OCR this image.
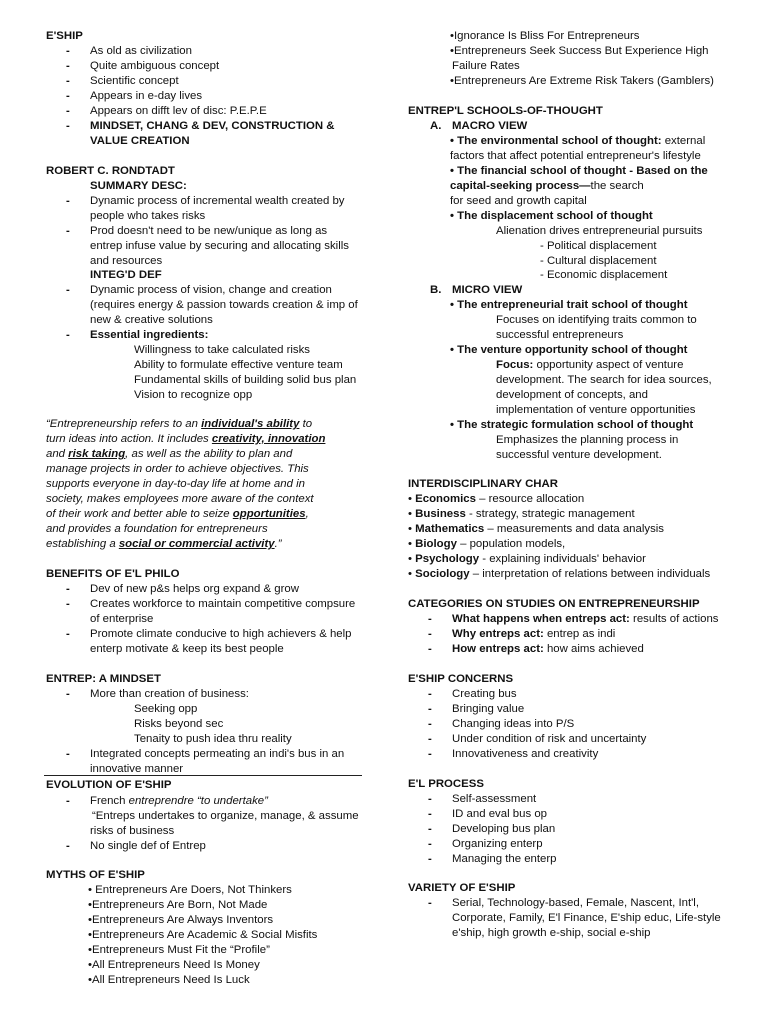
E'SHIP
- As old as civilization
- Quite ambiguous concept
- Scientific concept
- Appears in e-day lives
- Appears on difft lev of disc: P.E.P.E
- MINDSET, CHANG & DEV, CONSTRUCTION &
VALUE CREATION
ROBERT C. RONDTADT
SUMMARY DESC:
- Dynamic process of incremental wealth created by
people who takes risks
- Prod doesn't need to be new/unique as long as
entrep infuse value by securing and allocating skills
and resources
INTEG'D DEF
- Dynamic process of vision, change and creation
(requires energy & passion towards creation & imp of
new & creative solutions
- Essential ingredients:
Willingness to take calculated risks
Ability to formulate effective venture team
Fundamental skills of building solid bus plan
Vision to recognize opp
“Entrepreneurship refers to an individual's ability to
turn ideas into action. It includes creativity, innovation
and risk taking, as well as the ability to plan and
manage projects in order to achieve objectives. This
supports everyone in day-to-day life at home and in
society, makes employees more aware of the context
of their work and better able to seize opportunities,
and provides a foundation for entrepreneurs
establishing a social or commercial activity.”
BENEFITS OF E'L PHILO
- Dev of new p&s helps org expand & grow
- Creates workforce to maintain competitive compsure
of enterprise
- Promote climate conducive to high achievers & help
enterp motivate & keep its best people
ENTREP: A MINDSET
- More than creation of business:
Seeking opp
Risks beyond sec
Tenaity to push idea thru reality
- Integrated concepts permeating an indi's bus in an
innovative manner
EVOLUTION OF E'SHIP
- French entreprendre “to undertake”
“Entreps undertakes to organize, manage, & assume
risks of business
- No single def of Entrep
MYTHS OF E'SHIP
• Entrepreneurs Are Doers, Not Thinkers
•Entrepreneurs Are Born, Not Made
•Entrepreneurs Are Always Inventors
•Entrepreneurs Are Academic & Social Misfits
•Entrepreneurs Must Fit the “Profile”
•All Entrepreneurs Need Is Money
•All Entrepreneurs Need Is Luck
•Ignorance Is Bliss For Entrepreneurs
•Entrepreneurs Seek Success But Experience High
Failure Rates
•Entrepreneurs Are Extreme Risk Takers (Gamblers)
ENTREP'L SCHOOLS-OF-THOUGHT
A. MACRO VIEW
• The environmental school of thought: external
factors that affect potential entrepreneur's lifestyle
• The financial school of thought - Based on the
capital-seeking process—the search
for seed and growth capital
• The displacement school of thought
Alienation drives entrepreneurial pursuits
- Political displacement
- Cultural displacement
- Economic displacement
B. MICRO VIEW
• The entrepreneurial trait school of thought
Focuses on identifying traits common to
successful entrepreneurs
• The venture opportunity school of thought
Focus: opportunity aspect of venture
development. The search for idea sources,
development of concepts, and
implementation of venture opportunities
• The strategic formulation school of thought
Emphasizes the planning process in
successful venture development.
INTERDISCIPLINARY CHAR
• Economics – resource allocation
• Business - strategy, strategic management
• Mathematics – measurements and data analysis
• Biology – population models,
• Psychology - explaining individuals' behavior
• Sociology – interpretation of relations between individuals
CATEGORIES ON STUDIES ON ENTREPRENEURSHIP
- What happens when entreps act: results of actions
- Why entreps act: entrep as indi
- How entreps act: how aims achieved
E'SHIP CONCERNS
- Creating bus
- Bringing value
- Changing ideas into P/S
- Under condition of risk and uncertainty
- Innovativeness and creativity
E'L PROCESS
- Self-assessment
- ID and eval bus op
- Developing bus plan
- Organizing enterp
- Managing the enterp
VARIETY OF E'SHIP
- Serial, Technology-based, Female, Nascent, Int'l,
Corporate, Family, E'l Finance, E'ship educ, Life-style
e'ship, high growth e-ship, social e-ship
